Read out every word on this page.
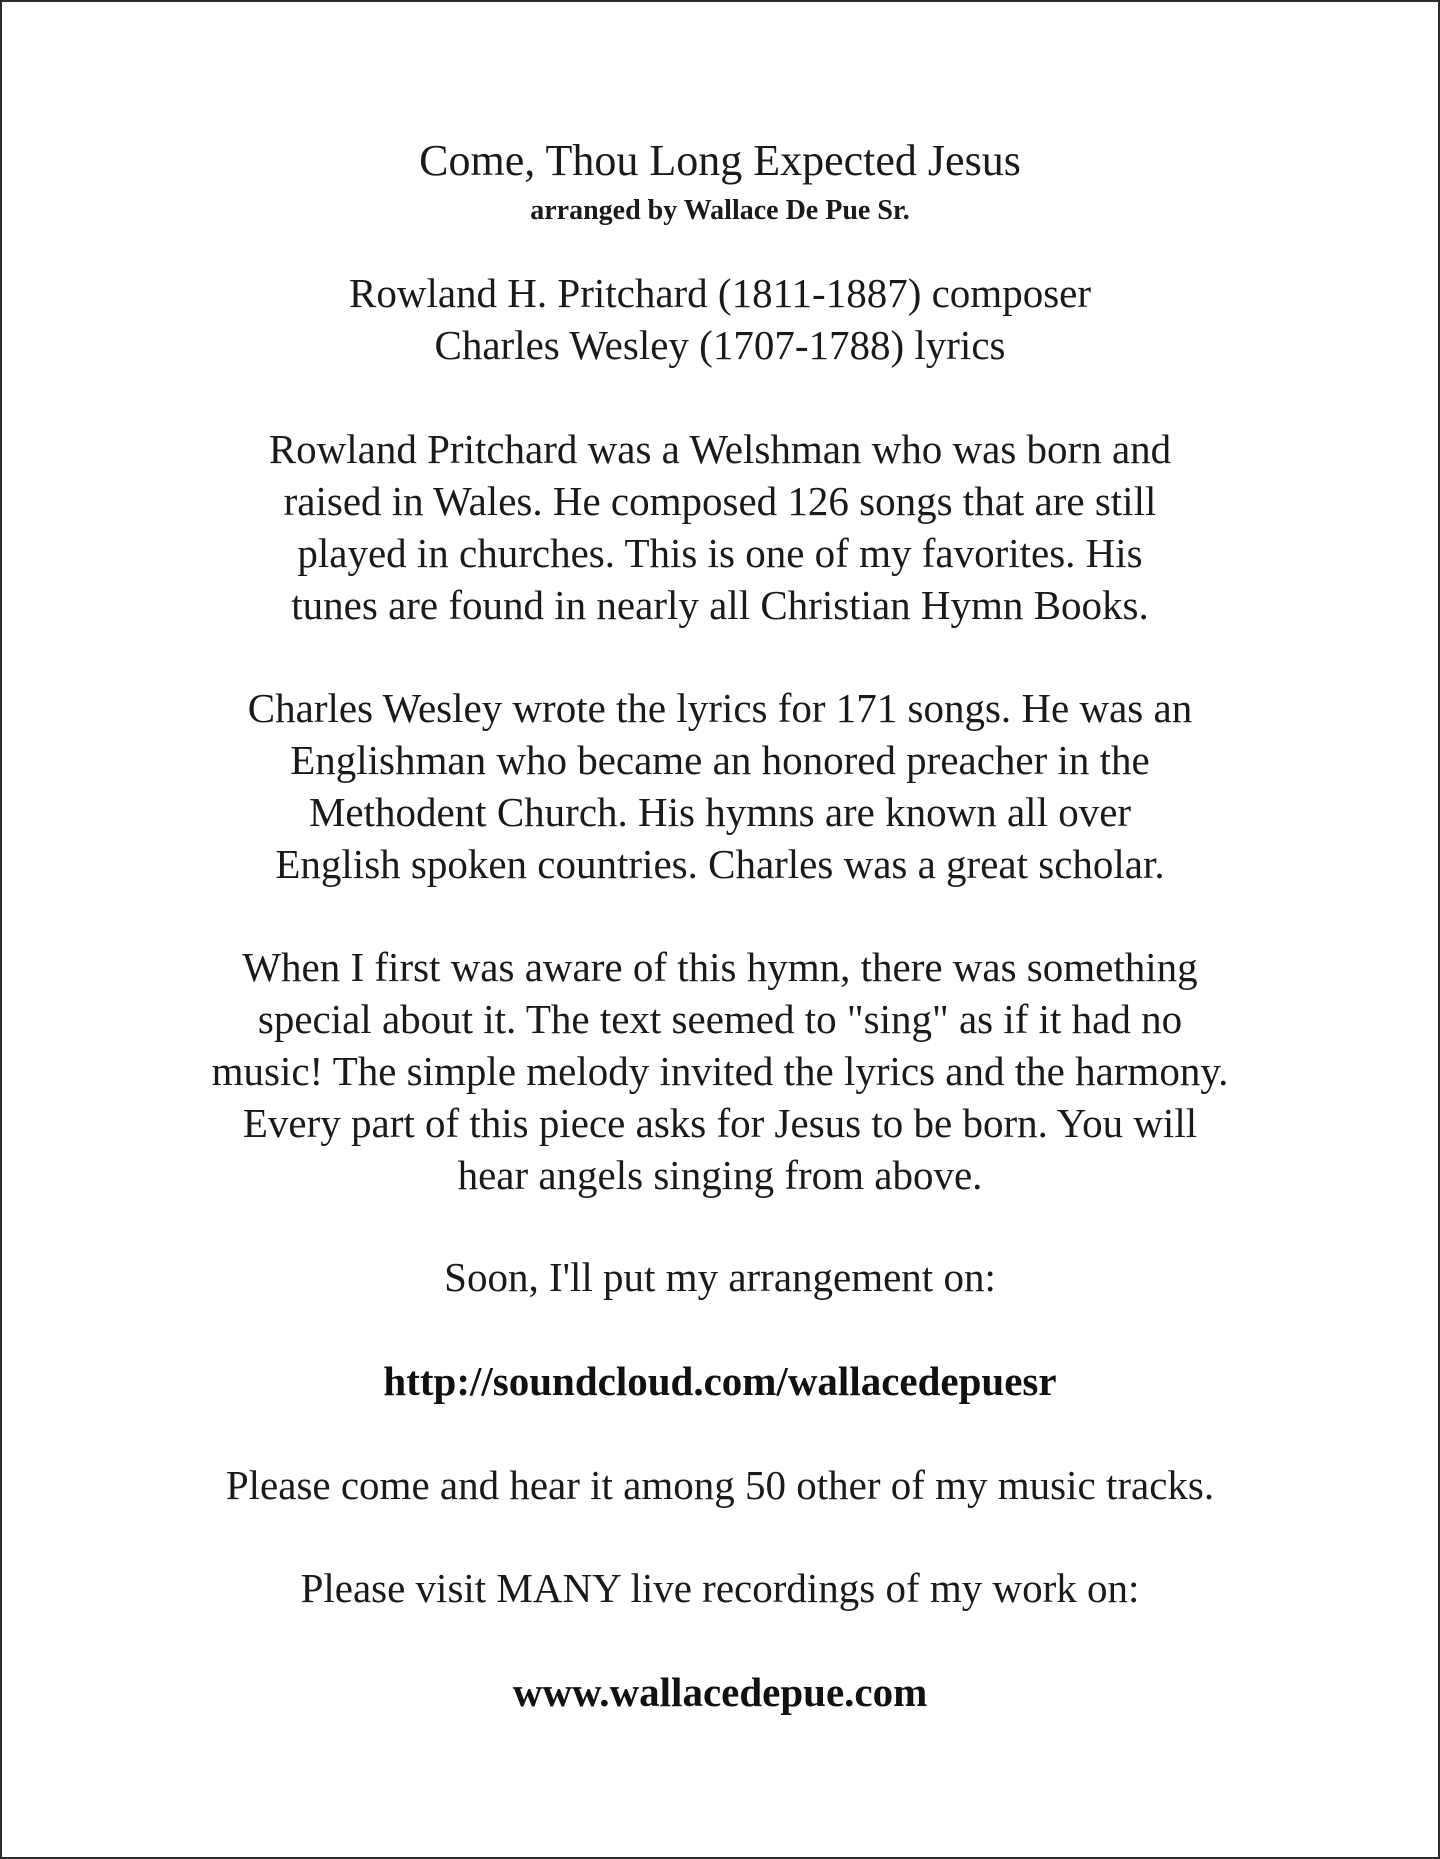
Come, Thou Long Expected Jesus
arranged by Wallace De Pue Sr.
Rowland H. Pritchard (1811-1887) composer
Charles Wesley (1707-1788) lyrics

Rowland Pritchard was a Welshman who was born and
raised in Wales. He composed 126 songs that are still
played in churches. This is one of my favorites. His
tunes are found in nearly all Christian Hymn Books.

Charles Wesley wrote the lyrics for 171 songs. He was an
Englishman who became an honored preacher in the
Methodent Church. His hymns are known all over
English spoken countries. Charles was a great scholar.

When I first was aware of this hymn, there was something
special about it. The text seemed to "sing" as if it had no
music! The simple melody invited the lyrics and the harmony.
Every part of this piece asks for Jesus to be born. You will
hear angels singing from above.

Soon, I'll put my arrangement on:

http://soundcloud.com/wallacedepuesr

Please come and hear it among 50 other of my music tracks.

Please visit MANY live recordings of my work on:

www.wallacedepue.com
